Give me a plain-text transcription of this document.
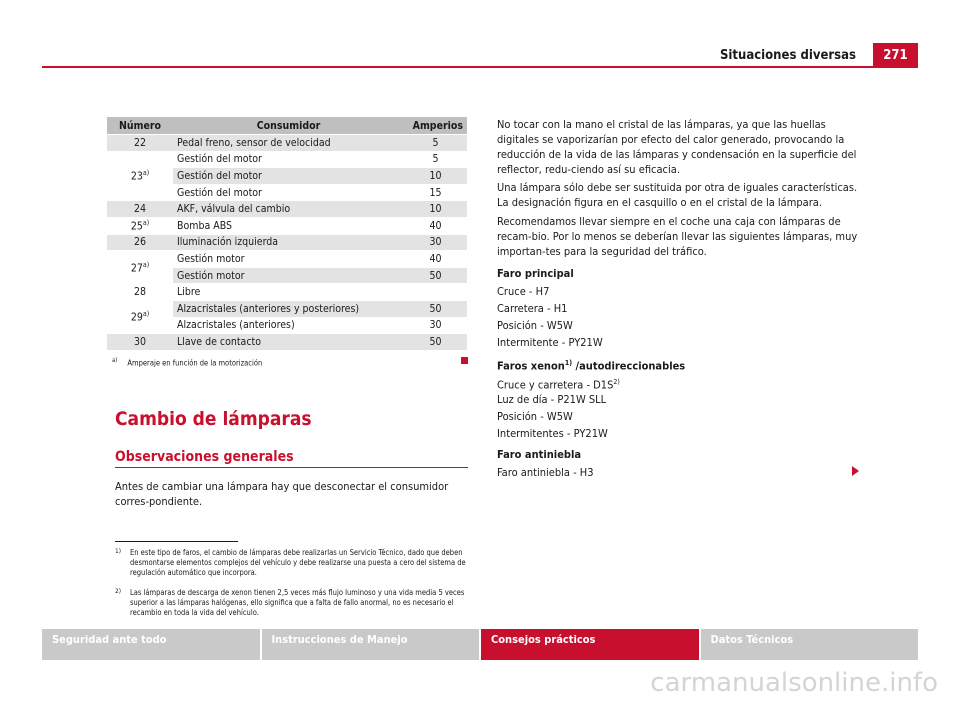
Situaciones diversas	271
Número	Consumidor	Amperios
22	Pedal freno, sensor de velocidad	5
23$^{a)}$	Gestión del motor	5
	Gestión del motor	10
	Gestión del motor	15
24	AKF, válvula del cambio	10
25$^{a)}$	Bomba ABS	40
26	Iluminación izquierda	30
27$^{a)}$	Gestión motor	40
	Gestión motor	50
28	Libre	
29$^{a)}$	Alzacristales (anteriores y posteriores)	50
	Alzacristales (anteriores)	30
30	Llave de contacto	50
$^{a)}$ Amperaje en función de la motorización
Cambio de lámparas
Observaciones generales

Antes de cambiar una lámpara hay que desconectar el consumidor corres-pondiente.

1)	En este tipo de faros, el cambio de lámparas debe realizarlas un Servicio Técnico, dado que deben desmontarse elementos complejos del vehículo y debe realizarse una puesta a cero del sistema de regulación automático que incorpora.
2)	Las lámparas de descarga de xenon tienen 2,5 veces más flujo luminoso y una vida media 5 veces superior a las lámparas halógenas, ello significa que a falta de fallo anormal, no es necesario el recambio en toda la vida del vehículo.

No tocar con la mano el cristal de las lámparas, ya que las huellas digitales se vaporizarían por efecto del calor generado, provocando la reducción de la vida de las lámparas y condensación en la superficie del reflector, redu-ciendo así su eficacia.

Una lámpara sólo debe ser sustituida por otra de iguales características. La designación figura en el casquillo o en el cristal de la lámpara.

Recomendamos llevar siempre en el coche una caja con lámparas de recam-bio. Por lo menos se deberían llevar las siguientes lámparas, muy importan-tes para la seguridad del tráfico.

Faro principal
Cruce - H7
Carretera - H1
Posición - W5W
Intermitente - PY21W
Faros xenon$^{1)}$ /autodireccionables
Cruce y carretera - $D1S^{2)}$
Luz de día - P21W SLL
Posición - W5W
Intermitentes - PY21W
Faro antiniebla
Faro antiniebla - H3
Seguridad ante todo	Instrucciones de Manejo	Consejos prácticos	Datos Técnicos
carmanualsonline.info
